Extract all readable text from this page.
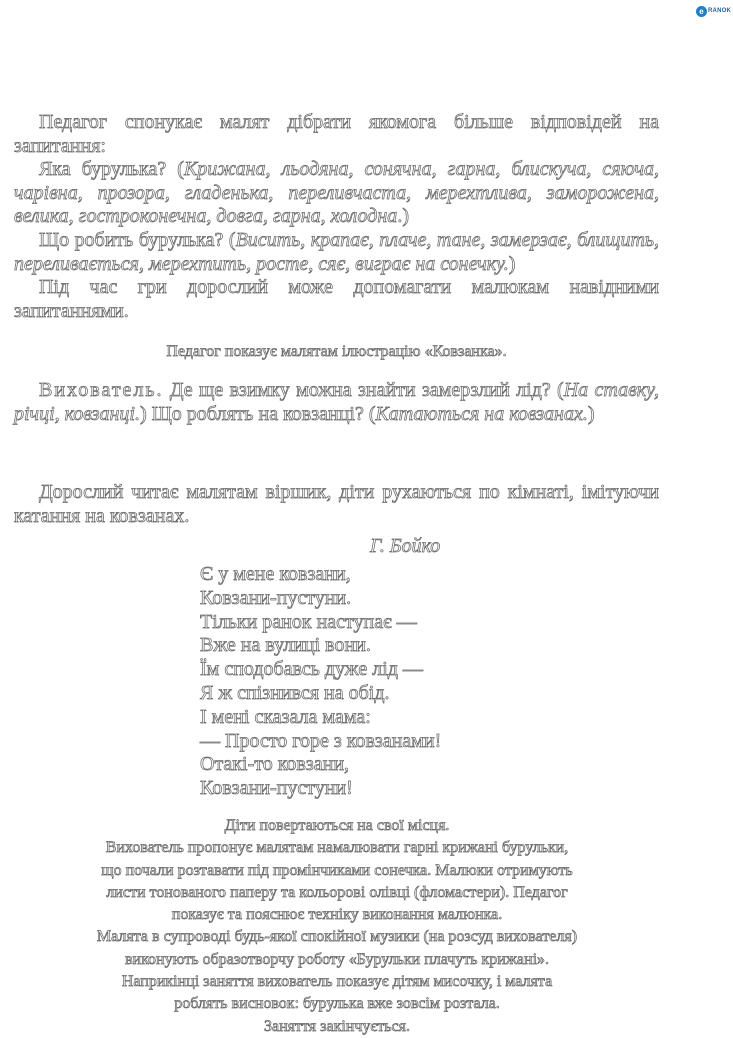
e RANOK

Педагог спонукає малят дібрати якомога більше відповідей на запитання:

Яка бурулька? (Крижана, льодяна, сонячна, гарна, блискуча, сяюча, чарівна, прозора, гладенька, переливчаста, мерехтлива, заморожена, велика, гостроконечна, довга, гарна, холодна.)

Що робить бурулька? (Висить, крапає, плаче, тане, замерзає, блищить, переливається, мерехтить, росте, сяє, виграє на сонечку.)

Під час гри дорослий може допомагати малюкам навідними запитаннями.

Педагог показує малятам ілюстрацію «Ковзанка».

Вихователь. Де ще взимку можна знайти замерзлий лід? (На ставку, річці, ковзанці.) Що роблять на ковзанці? (Катаються на ковзанах.)

Дорослий читає малятам віршик, діти рухаються по кімнаті, імітуючи катання на ковзанах.

Г. Бойко
Є у мене ковзани,
Ковзани-пустуни.
Тільки ранок наступає —
Вже на вулиці вони.
Їм сподобавсь дуже лід —
Я ж спізнився на обід.
І мені сказала мама:
— Просто горе з ковзанами!
Отакі-то ковзани,
Ковзани-пустуни!
Діти повертаються на свої місця.
Вихователь пропонує малятам намалювати гарні крижані бурульки,
що почали розтавати під промінчиками сонечка. Малюки отримують
листи тонованого паперу та кольорові олівці (фломастери). Педагог
показує та пояснює техніку виконання малюнка.
Малята в супроводі будь-якої спокійної музики (на розсуд вихователя)
виконують образотворчу роботу «Бурульки плачуть крижані».
Наприкінці заняття вихователь показує дітям мисочку, і малята
роблять висновок: бурулька вже зовсім розтала.
Заняття закінчується.
